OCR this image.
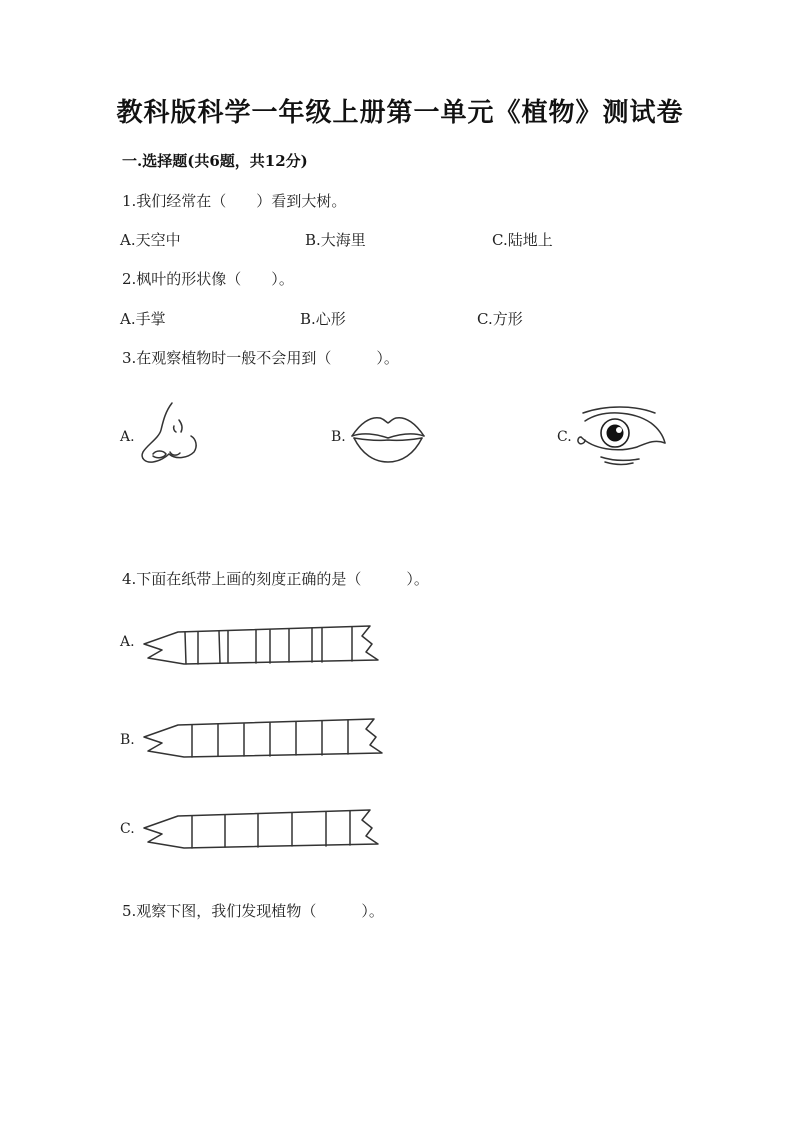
教科版科学一年级上册第一单元《植物》测试卷
一.选择题(共6题，共12分)
1.我们经常在（　　）看到大树。
A.天空中	B.大海里	C.陆地上
2.枫叶的形状像（　　）。
A.手掌	B.心形	C.方形
3.在观察植物时一般不会用到（　　　）。
A.	B.	C.
4.下面在纸带上画的刻度正确的是（　　　）。
A.
B.
C.
5.观察下图，我们发现植物（　　　）。
